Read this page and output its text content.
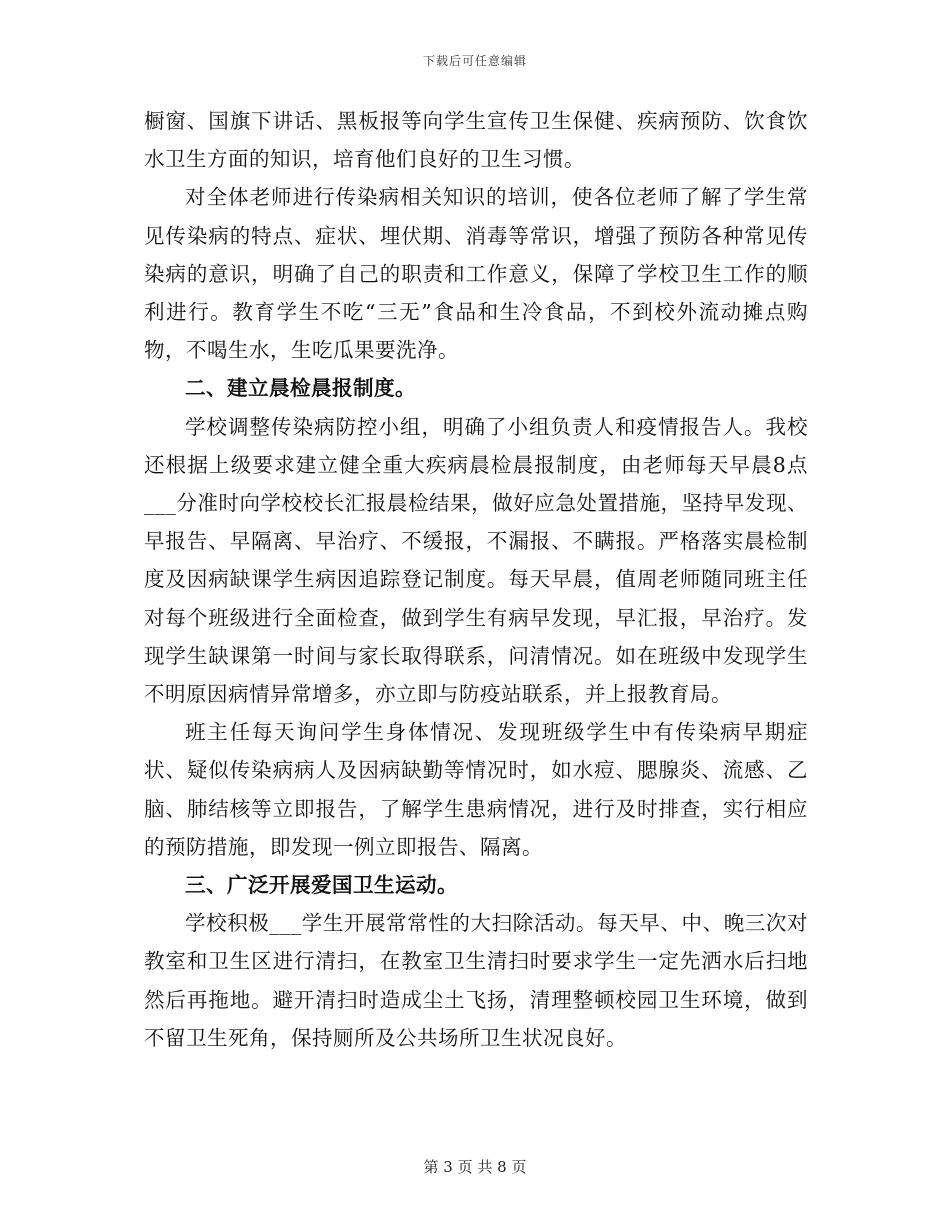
下载后可任意编辑

橱窗、国旗下讲话、黑板报等向学生宣传卫生保健、疾病预防、饮食饮水卫生方面的知识，培育他们良好的卫生习惯。

对全体老师进行传染病相关知识的培训，使各位老师了解了学生常见传染病的特点、症状、埋伏期、消毒等常识，增强了预防各种常见传染病的意识，明确了自己的职责和工作意义，保障了学校卫生工作的顺利进行。教育学生不吃“三无”食品和生冷食品，不到校外流动摊点购物，不喝生水，生吃瓜果要洗净。

二、建立晨检晨报制度。

学校调整传染病防控小组，明确了小组负责人和疫情报告人。我校还根据上级要求建立健全重大疾病晨检晨报制度，由老师每天早晨8点___分准时向学校校长汇报晨检结果，做好应急处置措施，坚持早发现、早报告、早隔离、早治疗、不缓报，不漏报、不瞒报。严格落实晨检制度及因病缺课学生病因追踪登记制度。每天早晨，值周老师随同班主任对每个班级进行全面检查，做到学生有病早发现，早汇报，早治疗。发现学生缺课第一时间与家长取得联系，问清情况。如在班级中发现学生不明原因病情异常增多，亦立即与防疫站联系，并上报教育局。

班主任每天询问学生身体情况、发现班级学生中有传染病早期症状、疑似传染病病人及因病缺勤等情况时，如水痘、腮腺炎、流感、乙脑、肺结核等立即报告，了解学生患病情况，进行及时排查，实行相应的预防措施，即发现一例立即报告、隔离。

三、广泛开展爱国卫生运动。

学校积极___学生开展常常性的大扫除活动。每天早、中、晚三次对教室和卫生区进行清扫，在教室卫生清扫时要求学生一定先洒水后扫地然后再拖地。避开清扫时造成尘土飞扬，清理整顿校园卫生环境，做到不留卫生死角，保持厕所及公共场所卫生状况良好。

第 3 页 共 8 页
